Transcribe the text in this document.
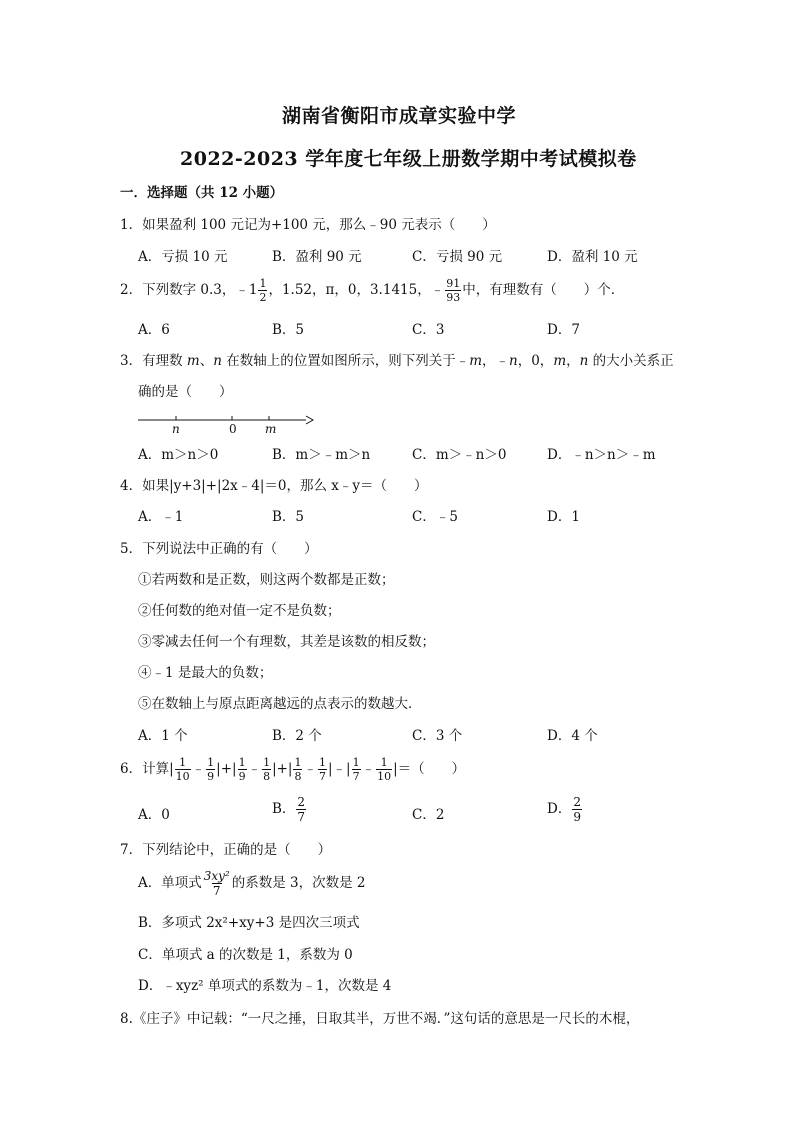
湖南省衡阳市成章实验中学
2022-2023 学年度七年级上册数学期中考试模拟卷
一．选择题（共 12 小题）
1．如果盈利 100 元记为+100 元，那么﹣90 元表示（　　）
A．亏损 10 元	B．盈利 90 元	C．亏损 90 元	D．盈利 10 元
2．下列数字 0.3，﹣1 $\frac{1}{2}$ ，1.52，π，0，3.1415，﹣ $\frac{91}{93}$ 中，有理数有（　　）个．
A．6	B．5	C．3	D．7
3．有理数 m、n 在数轴上的位置如图所示，则下列关于﹣m，﹣n，0，m，n 的大小关系正
确的是（　　）
n	0 m
A．m＞n＞0	B．m＞﹣m＞n	C．m＞﹣n＞0	D．﹣n＞n＞﹣m
4．如果|y+3|+|2x﹣4|＝0，那么 x﹣y＝（　　）
A．﹣1	B．5	C．﹣5	D．1
5．下列说法中正确的有（　　）
①若两数和是正数，则这两个数都是正数；
②任何数的绝对值一定不是负数；
③零减去任何一个有理数，其差是该数的相反数；
④﹣1 是最大的负数；
⑤在数轴上与原点距离越远的点表示的数越大．
A．1 个	B．2 个	C．3 个	D．4 个
6．计算| $\frac{1}{10}$ ﹣ $\frac{1}{9}$ |+| $\frac{1}{9}$ ﹣ $\frac{1}{8}$ |+| $\frac{1}{8}$ ﹣ $\frac{1}{7}$ |﹣| $\frac{1}{7}$ ﹣ $\frac{1}{10}$ |＝（　　）
A．0	B． $\frac{2}{7}$	C．2	D． $\frac{2}{9}$
7．下列结论中，正确的是（　　）
A．单项式 $\frac{\text{3xy²}}{7}$ 的系数是 3，次数是 2
B．多项式 2x²+xy+3 是四次三项式
C．单项式 a 的次数是 1，系数为 0
D．﹣xyz² 单项式的系数为﹣1，次数是 4
8.《庄子》中记载：“一尺之捶，日取其半，万世不竭．”这句话的意思是一尺长的木棍，
